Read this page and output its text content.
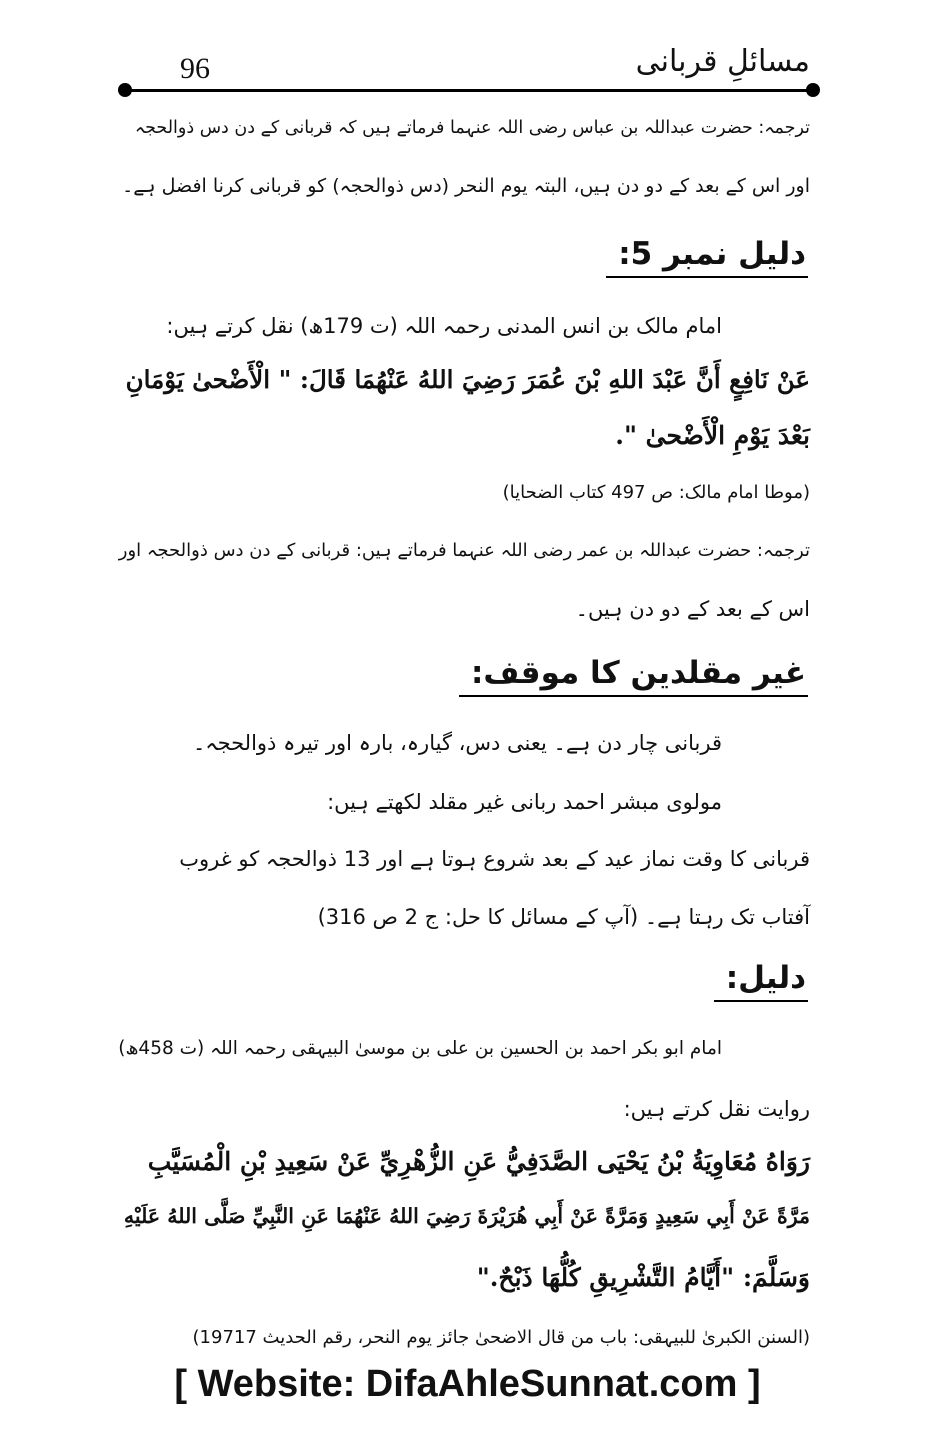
96	مسائلِ قربانی
ترجمہ: حضرت عبداللہ بن عباس رضی اللہ عنہما فرماتے ہیں کہ قربانی کے دن دس ذوالحجہ
اور اس کے بعد کے دو دن ہیں، البتہ یوم النحر (دس ذوالحجہ) کو قربانی کرنا افضل ہے۔
دلیل نمبر 5:
امام مالک بن انس المدنی رحمہ اللہ (ت 179ھ) نقل کرتے ہیں:
عَنْ نَافِعٍ أَنَّ عَبْدَ اللهِ بْنَ عُمَرَ رَضِيَ اللهُ عَنْهُمَا قَالَ: " الْأَضْحىٰ يَوْمَانِ
بَعْدَ يَوْمِ الْأَضْحىٰ ".
(موطا امام مالک: ص 497 کتاب الضحایا)
ترجمہ: حضرت عبداللہ بن عمر رضی اللہ عنہما فرماتے ہیں: قربانی کے دن دس ذوالحجہ اور
اس کے بعد کے دو دن ہیں۔
غیر مقلدین کا موقف:
قربانی چار دن ہے۔ یعنی دس، گیارہ، بارہ اور تیرہ ذوالحجہ۔
مولوی مبشر احمد ربانی غیر مقلد لکھتے ہیں:
قربانی کا وقت نماز عید کے بعد شروع ہوتا ہے اور 13 ذوالحجہ کو غروب
آفتاب تک رہتا ہے۔ (آپ کے مسائل کا حل: ج 2 ص 316)
دلیل:
امام ابو بکر احمد بن الحسین بن علی بن موسیٰ البیہقی رحمہ اللہ (ت 458ھ)
روایت نقل کرتے ہیں:
رَوَاهُ مُعَاوِيَةُ بْنُ يَحْيَى الصَّدَفِيُّ عَنِ الزُّهْرِيِّ عَنْ سَعِيدِ بْنِ الْمُسَيَّبِ
مَرَّةً عَنْ أَبِي سَعِيدٍ وَمَرَّةً عَنْ أَبِي هُرَيْرَةَ رَضِيَ اللهُ عَنْهُمَا عَنِ النَّبِيِّ صَلَّى اللهُ عَلَيْهِ
وَسَلَّمَ: "أَيَّامُ التَّشْرِيقِ كُلُّهَا ذَبْحٌ."
(السنن الکبریٰ للبیہقی: باب من قال الاضحیٰ جائز یوم النحر، رقم الحدیث 19717)
[ Website: DifaAhleSunnat.com ]
